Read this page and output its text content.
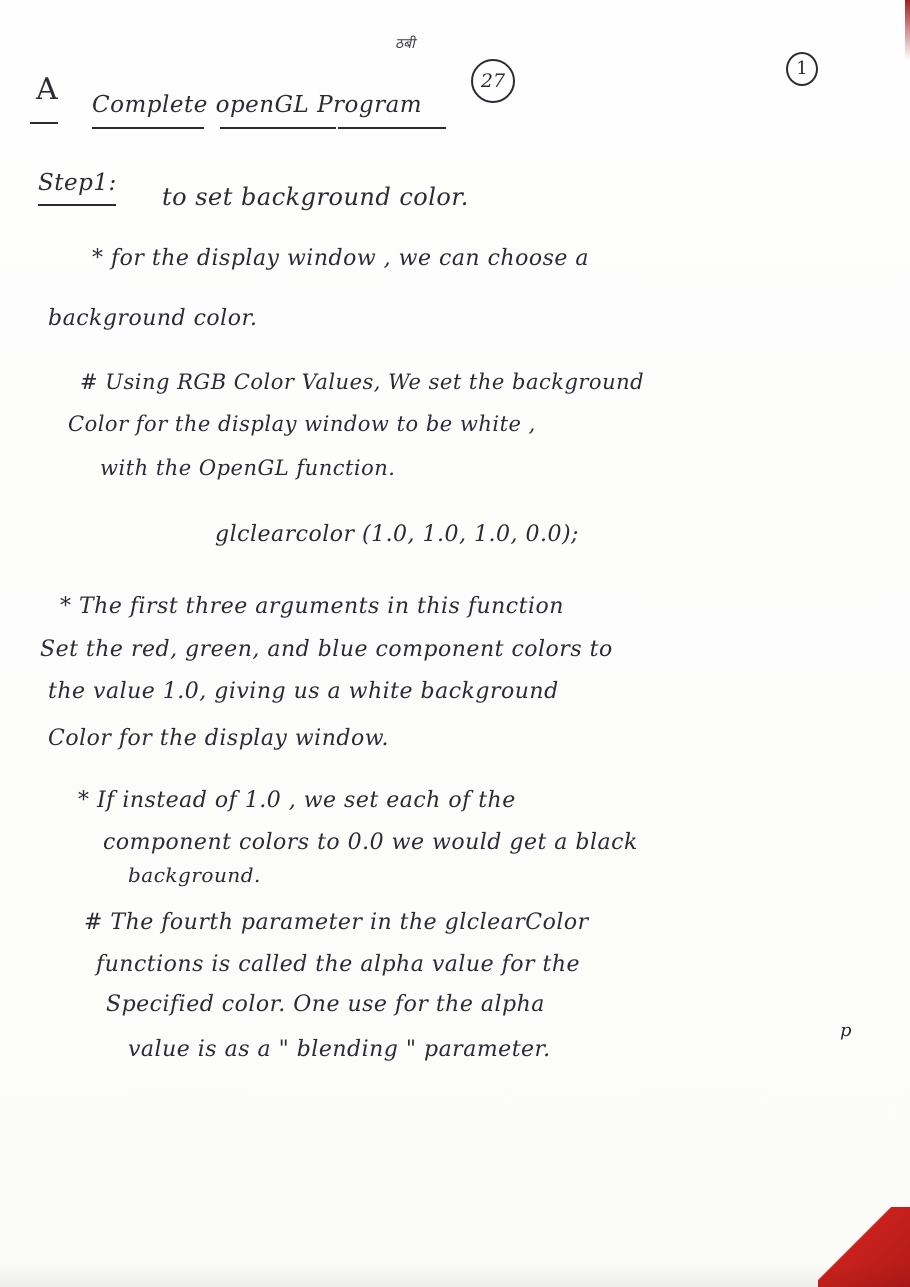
ठबी
27
1
A Complete openGL Program
Step1: to set background color.
* for the display window , we can choose a
background color.
# Using RGB Color Values, We set the background
Color for the display window to be white ,
with the OpenGL function.
glclearcolor (1.0, 1.0, 1.0, 0.0);
* The first three arguments in this function
Set the red, green, and blue component colors to
the value 1.0, giving us a white background
Color for the display window.
* If instead of 1.0 , we set each of the
component colors to 0.0 we would get a black
background.
# The fourth parameter in the glclearColor
functions is called the alpha value for the
Specified color. One use for the alpha
value is as a " blending " parameter.
p
